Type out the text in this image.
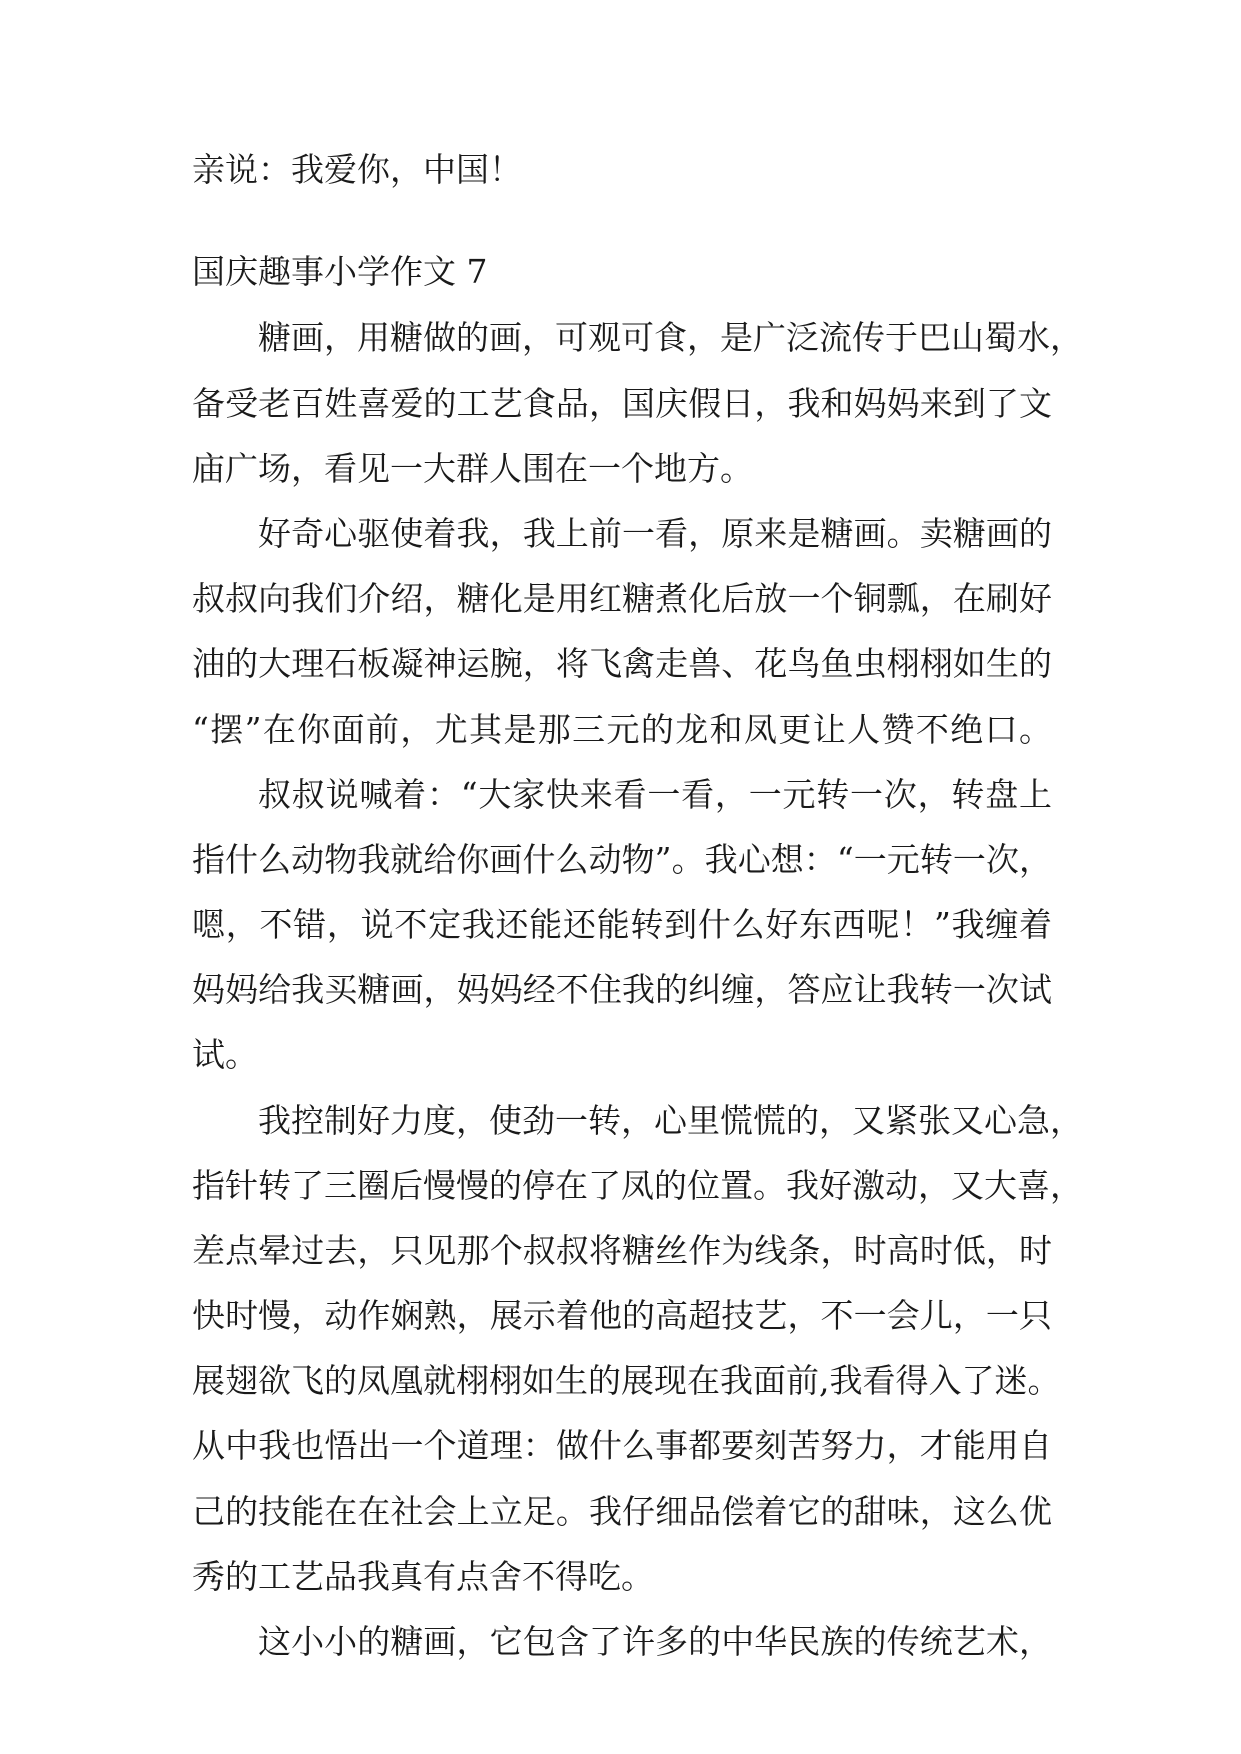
亲说：我爱你，中国！
国庆趣事小学作文 7
糖画，用糖做的画，可观可食，是广泛流传于巴山蜀水，
备受老百姓喜爱的工艺食品，国庆假日，我和妈妈来到了文
庙广场，看见一大群人围在一个地方。
好奇心驱使着我，我上前一看，原来是糖画。卖糖画的
叔叔向我们介绍，糖化是用红糖煮化后放一个铜瓢，在刷好
油的大理石板凝神运腕，将飞禽走兽、花鸟鱼虫栩栩如生的
“摆”在你面前，尤其是那三元的龙和凤更让人赞不绝口。
叔叔说喊着：“大家快来看一看，一元转一次，转盘上
指什么动物我就给你画什么动物”。我心想：“一元转一次，
嗯，不错，说不定我还能还能转到什么好东西呢！”我缠着
妈妈给我买糖画，妈妈经不住我的纠缠，答应让我转一次试
试。
我控制好力度，使劲一转，心里慌慌的，又紧张又心急，
指针转了三圈后慢慢的停在了凤的位置。我好激动，又大喜，
差点晕过去，只见那个叔叔将糖丝作为线条，时高时低，时
快时慢，动作娴熟，展示着他的高超技艺，不一会儿，一只
展翅欲飞的凤凰就栩栩如生的展现在我面前,我看得入了迷。
从中我也悟出一个道理：做什么事都要刻苦努力，才能用自
己的技能在在社会上立足。我仔细品偿着它的甜味，这么优
秀的工艺品我真有点舍不得吃。
这小小的糖画，它包含了许多的中华民族的传统艺术，
